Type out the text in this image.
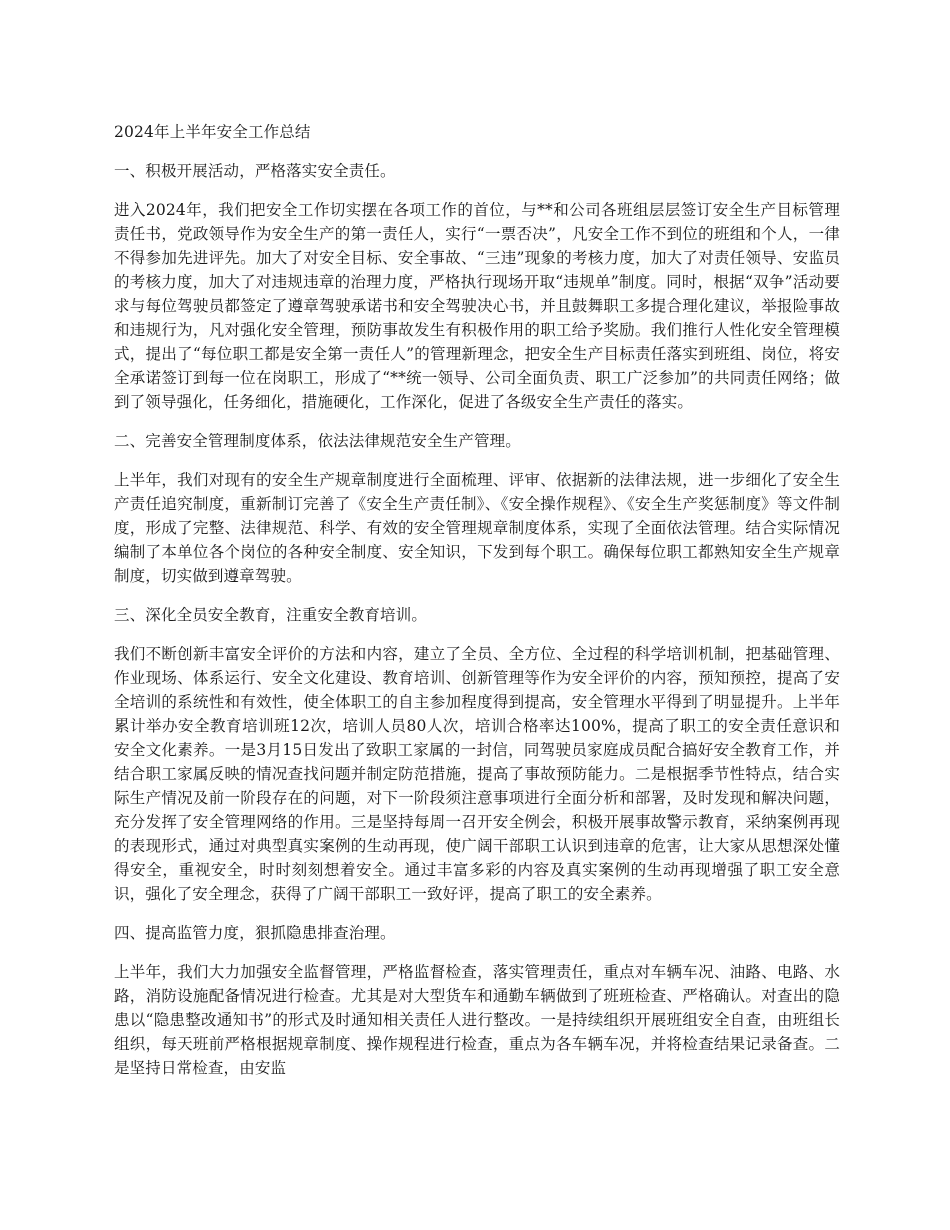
2024年上半年安全工作总结

一、积极开展活动，严格落实安全责任。

进入2024年，我们把安全工作切实摆在各项工作的首位，与**和公司各班组层层签订安全生产目标管理责任书，党政领导作为安全生产的第一责任人，实行“一票否决”，凡安全工作不到位的班组和个人，一律不得参加先进评先。加大了对安全目标、安全事故、“三违”现象的考核力度，加大了对责任领导、安监员的考核力度，加大了对违规违章的治理力度，严格执行现场开取“违规单”制度。同时，根据“双争”活动要求与每位驾驶员都签定了遵章驾驶承诺书和安全驾驶决心书，并且鼓舞职工多提合理化建议，举报险事故和违规行为，凡对强化安全管理，预防事故发生有积极作用的职工给予奖励。我们推行人性化安全管理模式，提出了“每位职工都是安全第一责任人”的管理新理念，把安全生产目标责任落实到班组、岗位，将安全承诺签订到每一位在岗职工，形成了“**统一领导、公司全面负责、职工广泛参加”的共同责任网络；做到了领导强化，任务细化，措施硬化，工作深化，促进了各级安全生产责任的落实。

二、完善安全管理制度体系，依法法律规范安全生产管理。

上半年，我们对现有的安全生产规章制度进行全面梳理、评审、依据新的法律法规，进一步细化了安全生产责任追究制度，重新制订完善了《安全生产责任制》、《安全操作规程》、《安全生产奖惩制度》等文件制度，形成了完整、法律规范、科学、有效的安全管理规章制度体系，实现了全面依法管理。结合实际情况编制了本单位各个岗位的各种安全制度、安全知识，下发到每个职工。确保每位职工都熟知安全生产规章制度，切实做到遵章驾驶。

三、深化全员安全教育，注重安全教育培训。

我们不断创新丰富安全评价的方法和内容，建立了全员、全方位、全过程的科学培训机制，把基础管理、作业现场、体系运行、安全文化建设、教育培训、创新管理等作为安全评价的内容，预知预控，提高了安全培训的系统性和有效性，使全体职工的自主参加程度得到提高，安全管理水平得到了明显提升。上半年累计举办安全教育培训班12次，培训人员80人次，培训合格率达100%，提高了职工的安全责任意识和安全文化素养。一是3月15日发出了致职工家属的一封信，同驾驶员家庭成员配合搞好安全教育工作，并结合职工家属反映的情况查找问题并制定防范措施，提高了事故预防能力。二是根据季节性特点，结合实际生产情况及前一阶段存在的问题，对下一阶段须注意事项进行全面分析和部署，及时发现和解决问题，充分发挥了安全管理网络的作用。三是坚持每周一召开安全例会，积极开展事故警示教育，采纳案例再现的表现形式，通过对典型真实案例的生动再现，使广阔干部职工认识到违章的危害，让大家从思想深处懂得安全，重视安全，时时刻刻想着安全。通过丰富多彩的内容及真实案例的生动再现增强了职工安全意识，强化了安全理念，获得了广阔干部职工一致好评，提高了职工的安全素养。

四、提高监管力度，狠抓隐患排查治理。

上半年，我们大力加强安全监督管理，严格监督检查，落实管理责任，重点对车辆车况、油路、电路、水路，消防设施配备情况进行检查。尤其是对大型货车和通勤车辆做到了班班检查、严格确认。对查出的隐患以“隐患整改通知书”的形式及时通知相关责任人进行整改。一是持续组织开展班组安全自查，由班组长组织，每天班前严格根据规章制度、操作规程进行检查，重点为各车辆车况，并将检查结果记录备查。二是坚持日常检查，由安监
